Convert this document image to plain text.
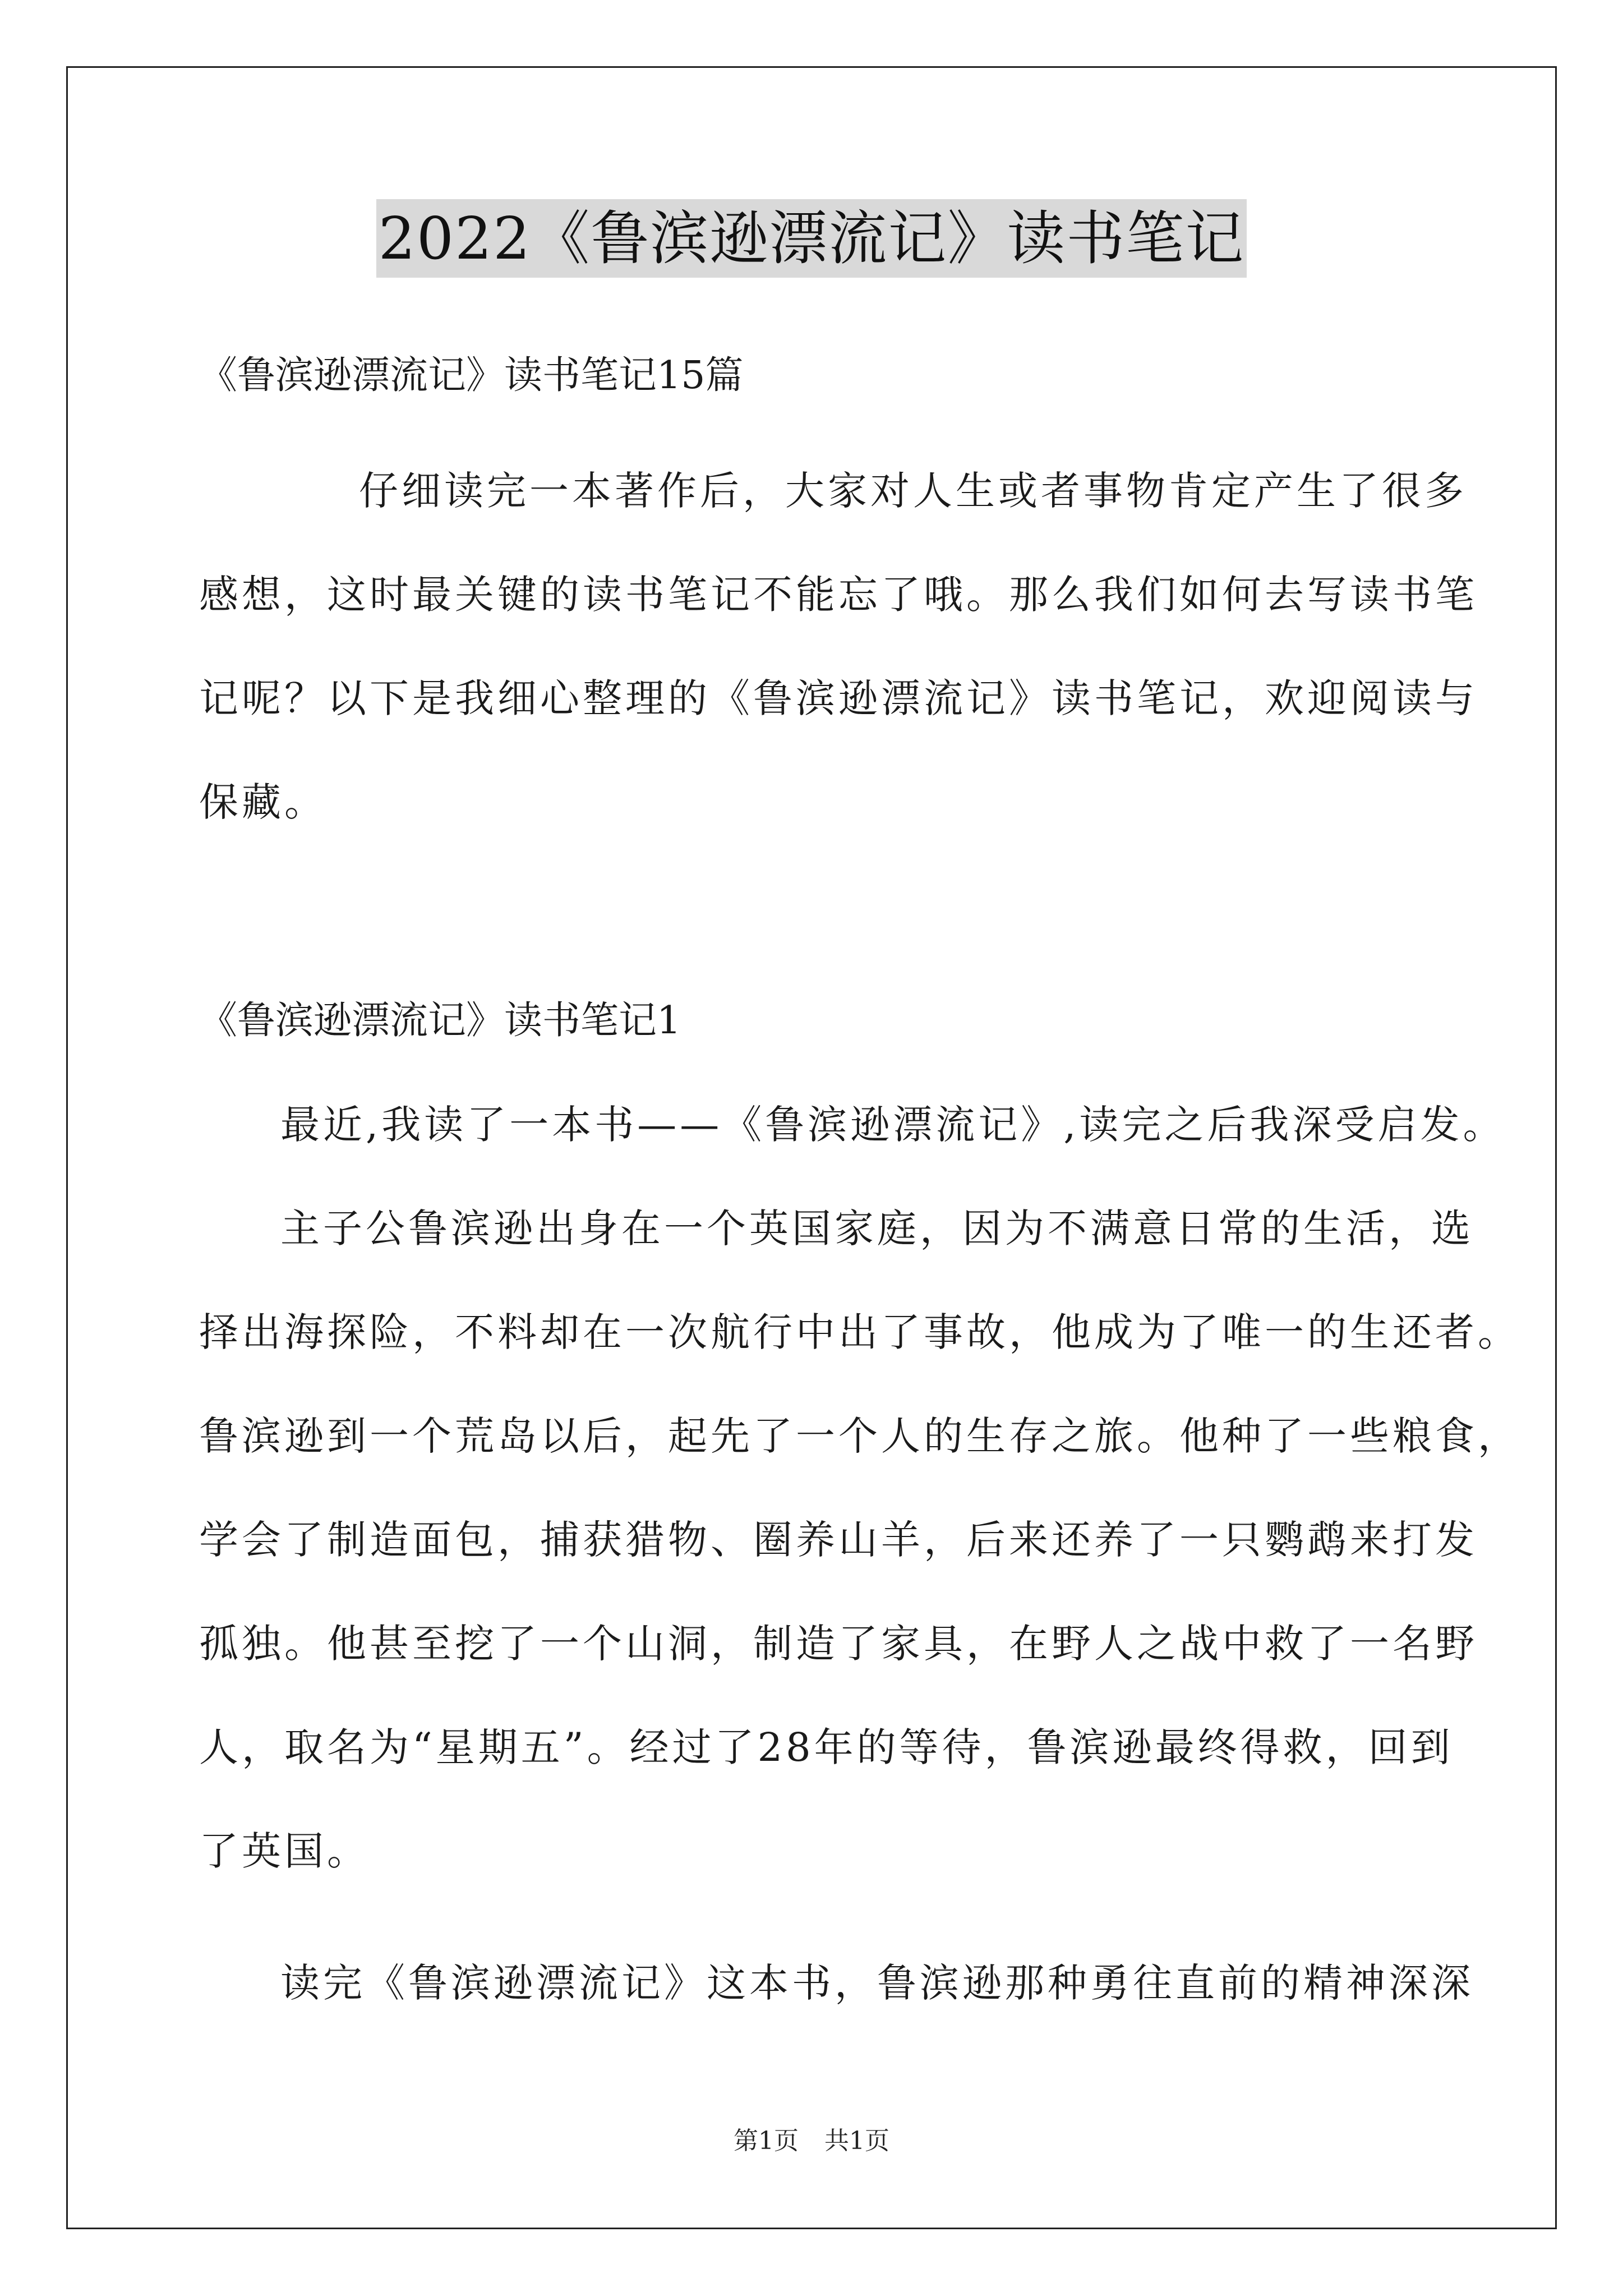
2022《鲁滨逊漂流记》读书笔记
《鲁滨逊漂流记》读书笔记15篇
仔细读完一本著作后，大家对人生或者事物肯定产生了很多
感想，这时最关键的读书笔记不能忘了哦。那么我们如何去写读书笔
记呢？以下是我细心整理的《鲁滨逊漂流记》读书笔记，欢迎阅读与
保藏。
《鲁滨逊漂流记》读书笔记1
最近,我读了一本书——《鲁滨逊漂流记》,读完之后我深受启发。
主子公鲁滨逊出身在一个英国家庭，因为不满意日常的生活，选
择出海探险，不料却在一次航行中出了事故，他成为了唯一的生还者。
鲁滨逊到一个荒岛以后，起先了一个人的生存之旅。他种了一些粮食，
学会了制造面包，捕获猎物、圈养山羊，后来还养了一只鹦鹉来打发
孤独。他甚至挖了一个山洞，制造了家具，在野人之战中救了一名野
人，取名为“星期五”。经过了28年的等待，鲁滨逊最终得救，回到
了英国。
读完《鲁滨逊漂流记》这本书，鲁滨逊那种勇往直前的精神深深
第1页 共1页
